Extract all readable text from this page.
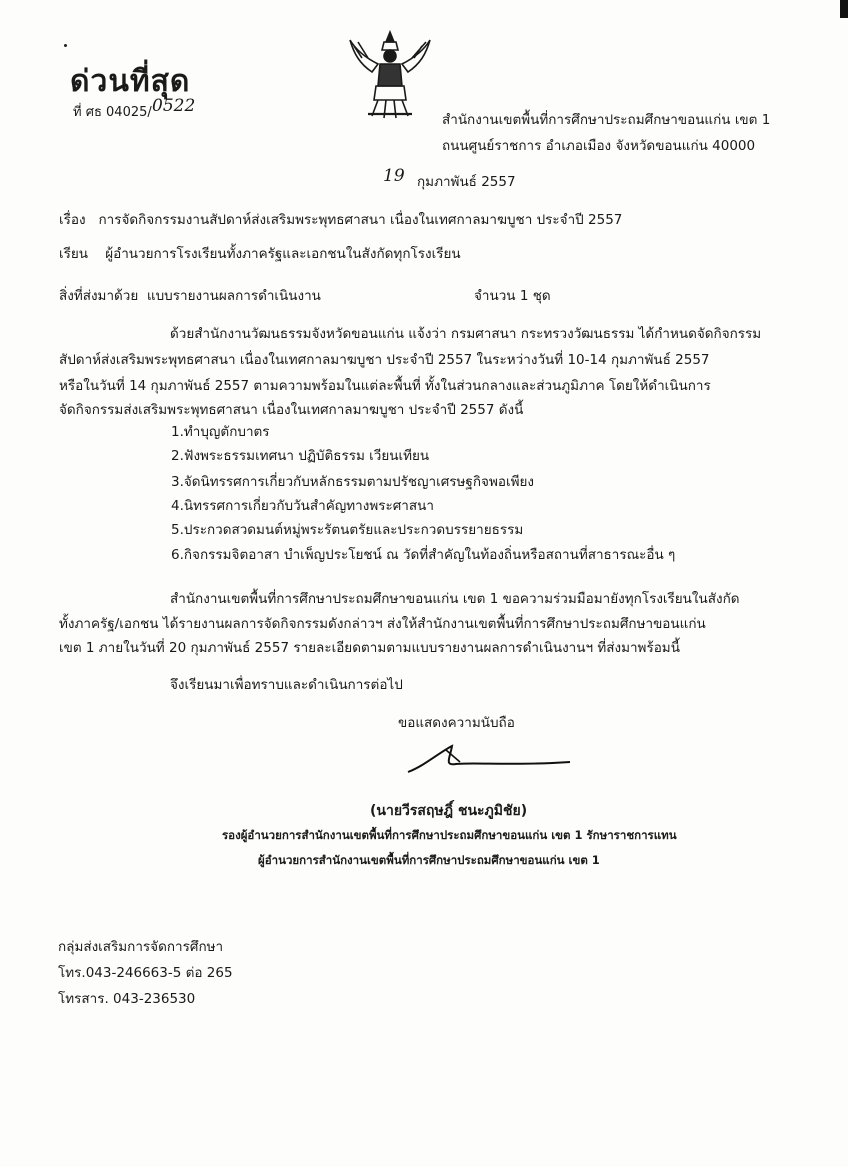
ด่วนที่สุด
ที่ ศธ 04025/ 0522
สำนักงานเขตพื้นที่การศึกษาประถมศึกษาขอนแก่น เขต 1
ถนนศูนย์ราชการ อำเภอเมือง จังหวัดขอนแก่น 40000
19 กุมภาพันธ์ 2557
เรื่อง การจัดกิจกรรมงานสัปดาห์ส่งเสริมพระพุทธศาสนา เนื่องในเทศกาลมาฆบูชา ประจำปี 2557
เรียน ผู้อำนวยการโรงเรียนทั้งภาครัฐและเอกชนในสังกัดทุกโรงเรียน
สิ่งที่ส่งมาด้วย แบบรายงานผลการดำเนินงาน	จำนวน 1 ชุด
ด้วยสำนักงานวัฒนธรรมจังหวัดขอนแก่น แจ้งว่า กรมศาสนา กระทรวงวัฒนธรรม ได้กำหนดจัดกิจกรรม
สัปดาห์ส่งเสริมพระพุทธศาสนา เนื่องในเทศกาลมาฆบูชา ประจำปี 2557 ในระหว่างวันที่ 10-14 กุมภาพันธ์ 2557
หรือในวันที่ 14 กุมภาพันธ์ 2557 ตามความพร้อมในแต่ละพื้นที่ ทั้งในส่วนกลางและส่วนภูมิภาค โดยให้ดำเนินการ
จัดกิจกรรมส่งเสริมพระพุทธศาสนา เนื่องในเทศกาลมาฆบูชา ประจำปี 2557 ดังนี้
1.ทำบุญตักบาตร
2.ฟังพระธรรมเทศนา ปฏิบัติธรรม เวียนเทียน
3.จัดนิทรรศการเกี่ยวกับหลักธรรมตามปรัชญาเศรษฐกิจพอเพียง
4.นิทรรศการเกี่ยวกับวันสำคัญทางพระศาสนา
5.ประกวดสวดมนต์หมู่พระรัตนตรัยและประกวดบรรยายธรรม
6.กิจกรรมจิตอาสา บำเพ็ญประโยชน์ ณ วัดที่สำคัญในท้องถิ่นหรือสถานที่สาธารณะอื่น ๆ
สำนักงานเขตพื้นที่การศึกษาประถมศึกษาขอนแก่น เขต 1 ขอความร่วมมือมายังทุกโรงเรียนในสังกัด
ทั้งภาครัฐ/เอกชน ได้รายงานผลการจัดกิจกรรมดังกล่าวฯ ส่งให้สำนักงานเขตพื้นที่การศึกษาประถมศึกษาขอนแก่น
เขต 1 ภายในวันที่ 20 กุมภาพันธ์ 2557 รายละเอียดตามตามแบบรายงานผลการดำเนินงานฯ ที่ส่งมาพร้อมนี้
จึงเรียนมาเพื่อทราบและดำเนินการต่อไป
ขอแสดงความนับถือ
(นายวีรสฤษฎิ์ ชนะภูมิชัย)
รองผู้อำนวยการสำนักงานเขตพื้นที่การศึกษาประถมศึกษาขอนแก่น เขต 1 รักษาราชการแทน
ผู้อำนวยการสำนักงานเขตพื้นที่การศึกษาประถมศึกษาขอนแก่น เขต 1
กลุ่มส่งเสริมการจัดการศึกษา
โทร.043-246663-5 ต่อ 265
โทรสาร. 043-236530
